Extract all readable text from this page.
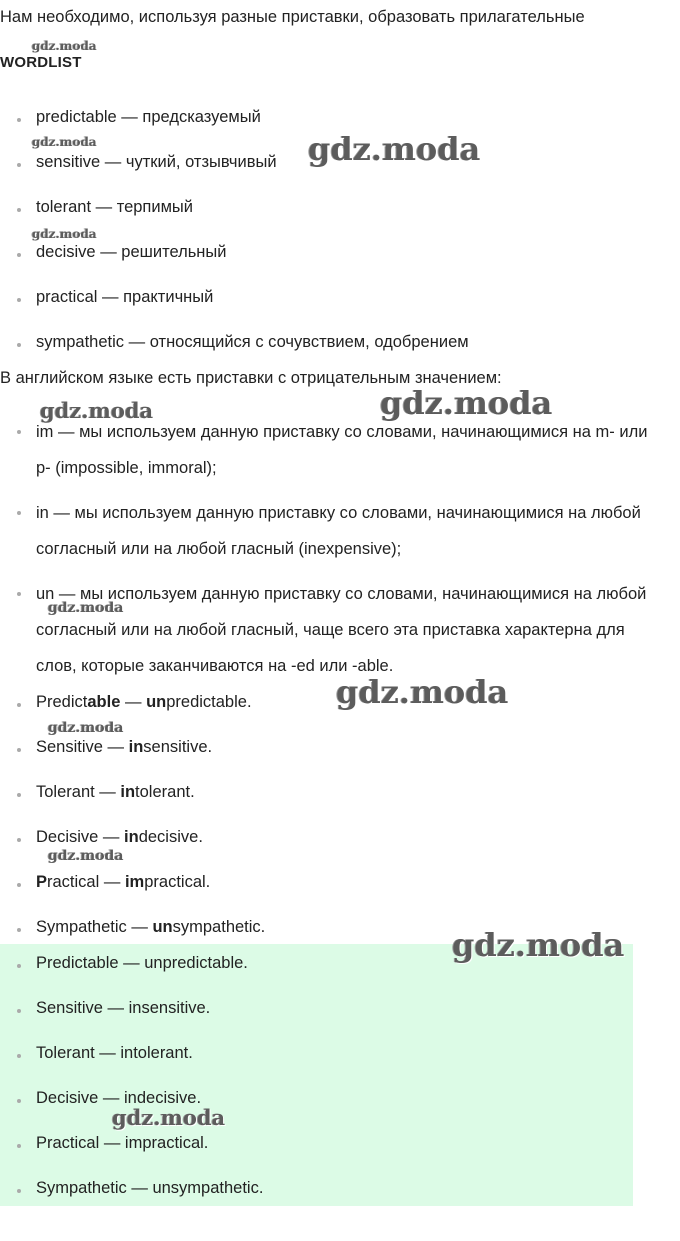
Нам необходимо, используя разные приставки, образовать прилагательные
WORDLIST
predictable — предсказуемый
sensitive — чуткий, отзывчивый
tolerant — терпимый
decisive — решительный
practical — практичный
sympathetic — относящийся с сочувствием, одобрением
В английском языке есть приставки с отрицательным значением:
im — мы используем данную приставку со словами, начинающимися на m- или p- (impossible, immoral);
in — мы используем данную приставку со словами, начинающимися на любой согласный или на любой гласный (inexpensive);
un — мы используем данную приставку со словами, начинающимися на любой согласный или на любой гласный, чаще всего эта приставка характерна для слов, которые заканчиваются на -ed или -able.
Predictable — unpredictable.
Sensitive — insensitive.
Tolerant — intolerant.
Decisive — indecisive.
Practical — impractical.
Sympathetic — unsympathetic.
Predictable — unpredictable.
Sensitive — insensitive.
Tolerant — intolerant.
Decisive — indecisive.
Practical — impractical.
Sympathetic — unsympathetic.
gdz.moda
gdz.moda	gdz.moda
gdz.moda
gdz.moda	gdz.moda
gdz.moda
gdz.moda
gdz.moda
gdz.moda
gdz.moda
gdz.moda
